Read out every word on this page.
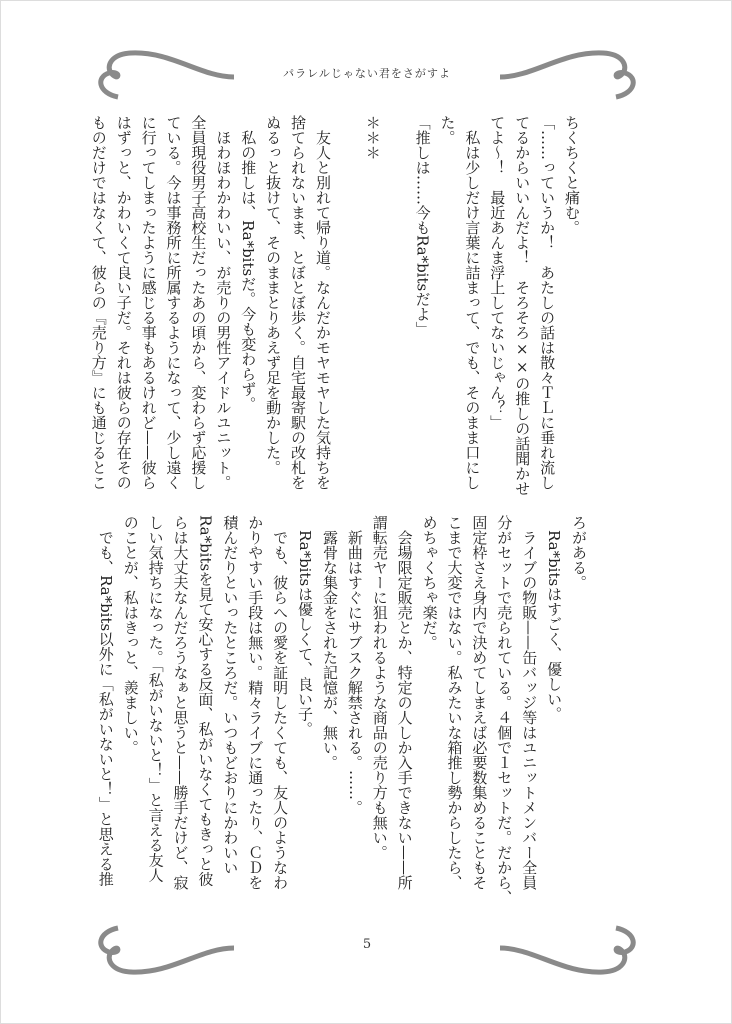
パラレルじゃない君をさがすよ

ちくちくと痛む。

「……っていうか！　あたしの話は散々ＴＬに垂れ流し

てるからいいんだよ！　そろそろ××の推しの話聞かせ

てよ〜！　最近あんま浮上してないじゃん？」

　私は少しだけ言葉に詰まって、でも、そのまま口にし

た。

「推しは……今もRa*bitsだよ」

＊＊＊

　友人と別れて帰り道。なんだかモヤモヤした気持ちを

捨てられないまま、とぼとぼ歩く。自宅最寄駅の改札を

ぬるっと抜けて、そのままとりあえず足を動かした。

　私の推しは、Ra*bitsだ。今も変わらず。

　ほわほわかわいい、が売りの男性アイドルユニット。

全員現役男子高校生だったあの頃から、変わらず応援し

ている。今は事務所に所属するようになって、少し遠く

に行ってしまったように感じる事もあるけれど——彼ら

はずっと、かわいくて良い子だ。それは彼らの存在その

ものだけではなくて、彼らの『売り方』にも通じるとこ

ろがある。

　Ra*bitsはすごく、優しい。

　ライブの物販——缶バッジ等はユニットメンバー全員

分がセットで売られている。４個で１セットだ。だから、

固定枠さえ身内で決めてしまえば必要数集めることもそ

こまで大変ではない。私みたいな箱推し勢からしたら、

めちゃくちゃ楽だ。

　会場限定販売とか、特定の人しか入手できない——所

謂転売ヤーに狙われるような商品の売り方も無い。

　新曲はすぐにサブスク解禁される。……。

　露骨な集金をされた記憶が、無い。

　Ra*bitsは優しくて、良い子。

　でも、彼らへの愛を証明したくても、友人のようなわ

かりやすい手段は無い。精々ライブに通ったり、ＣＤを

積んだりといったところだ。いつもどおりにかわいい

Ra*bitsを見て安心する反面、私がいなくてもきっと彼

らは大丈夫なんだろうなぁと思うと——勝手だけど、寂

しい気持ちになった。「私がいないと！」と言える友人

のことが、私はきっと、羨ましい。

　でも、Ra*bits以外に「私がいないと！」と思える推

5
